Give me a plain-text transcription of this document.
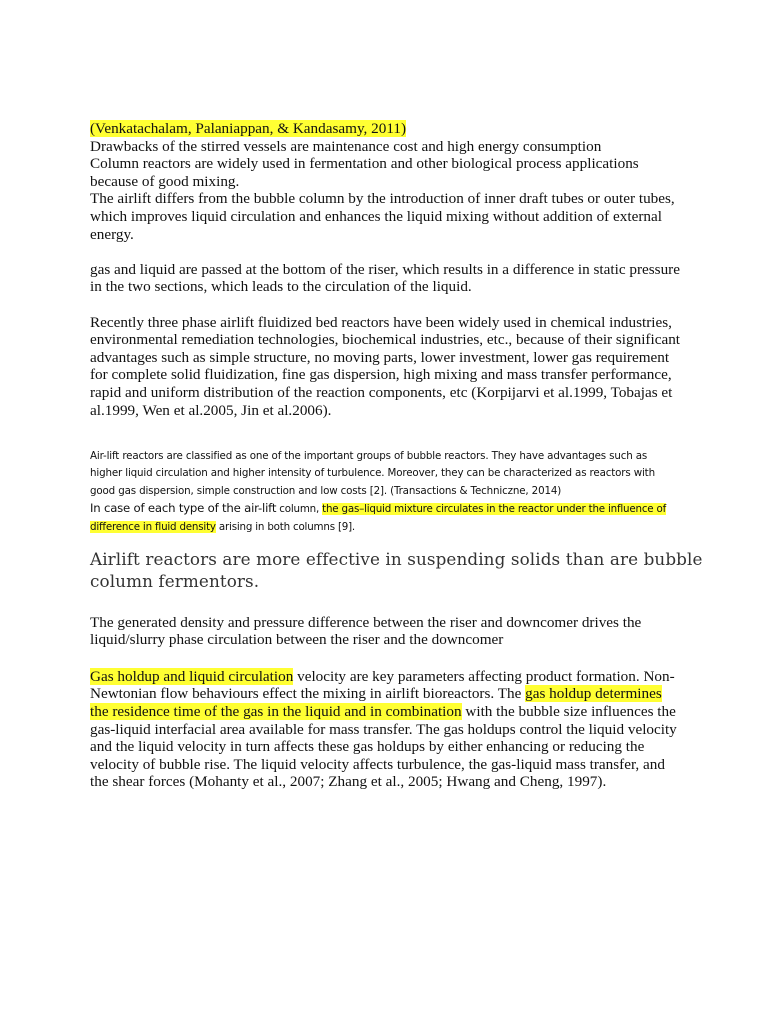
(Venkatachalam, Palaniappan, & Kandasamy, 2011)
Drawbacks of the stirred vessels are maintenance cost and high energy consumption
Column reactors are widely used in fermentation and other biological process applications
because of good mixing.
The airlift differs from the bubble column by the introduction of inner draft tubes or outer tubes,
which improves liquid circulation and enhances the liquid mixing without addition of external
energy.
gas and liquid are passed at the bottom of the riser, which results in a difference in static pressure
in the two sections, which leads to the circulation of the liquid.
Recently three phase airlift fluidized bed reactors have been widely used in chemical industries,
environmental remediation technologies, biochemical industries, etc., because of their significant
advantages such as simple structure, no moving parts, lower investment, lower gas requirement
for complete solid fluidization, fine gas dispersion, high mixing and mass transfer performance,
rapid and uniform distribution of the reaction components, etc (Korpijarvi et al.1999, Tobajas et
al.1999, Wen et al.2005, Jin et al.2006).
Air-lift reactors are classified as one of the important groups of bubble reactors. They have advantages such as
higher liquid circulation and higher intensity of turbulence. Moreover, they can be characterized as reactors with
good gas dispersion, simple construction and low costs [2]. (Transactions & Techniczne, 2014)
In case of each type of the air-lift column, the gas–liquid mixture circulates in the reactor under the influence of
difference in fluid density arising in both columns [9].
Airlift reactors are more effective in suspending solids than are bubble
column fermentors.
The generated density and pressure difference between the riser and downcomer drives the
liquid/slurry phase circulation between the riser and the downcomer
Gas holdup and liquid circulation velocity are key parameters affecting product formation. Non-
Newtonian flow behaviours effect the mixing in airlift bioreactors. The gas holdup determines
the residence time of the gas in the liquid and in combination with the bubble size influences the
gas-liquid interfacial area available for mass transfer. The gas holdups control the liquid velocity
and the liquid velocity in turn affects these gas holdups by either enhancing or reducing the
velocity of bubble rise. The liquid velocity affects turbulence, the gas-liquid mass transfer, and
the shear forces (Mohanty et al., 2007; Zhang et al., 2005; Hwang and Cheng, 1997).
